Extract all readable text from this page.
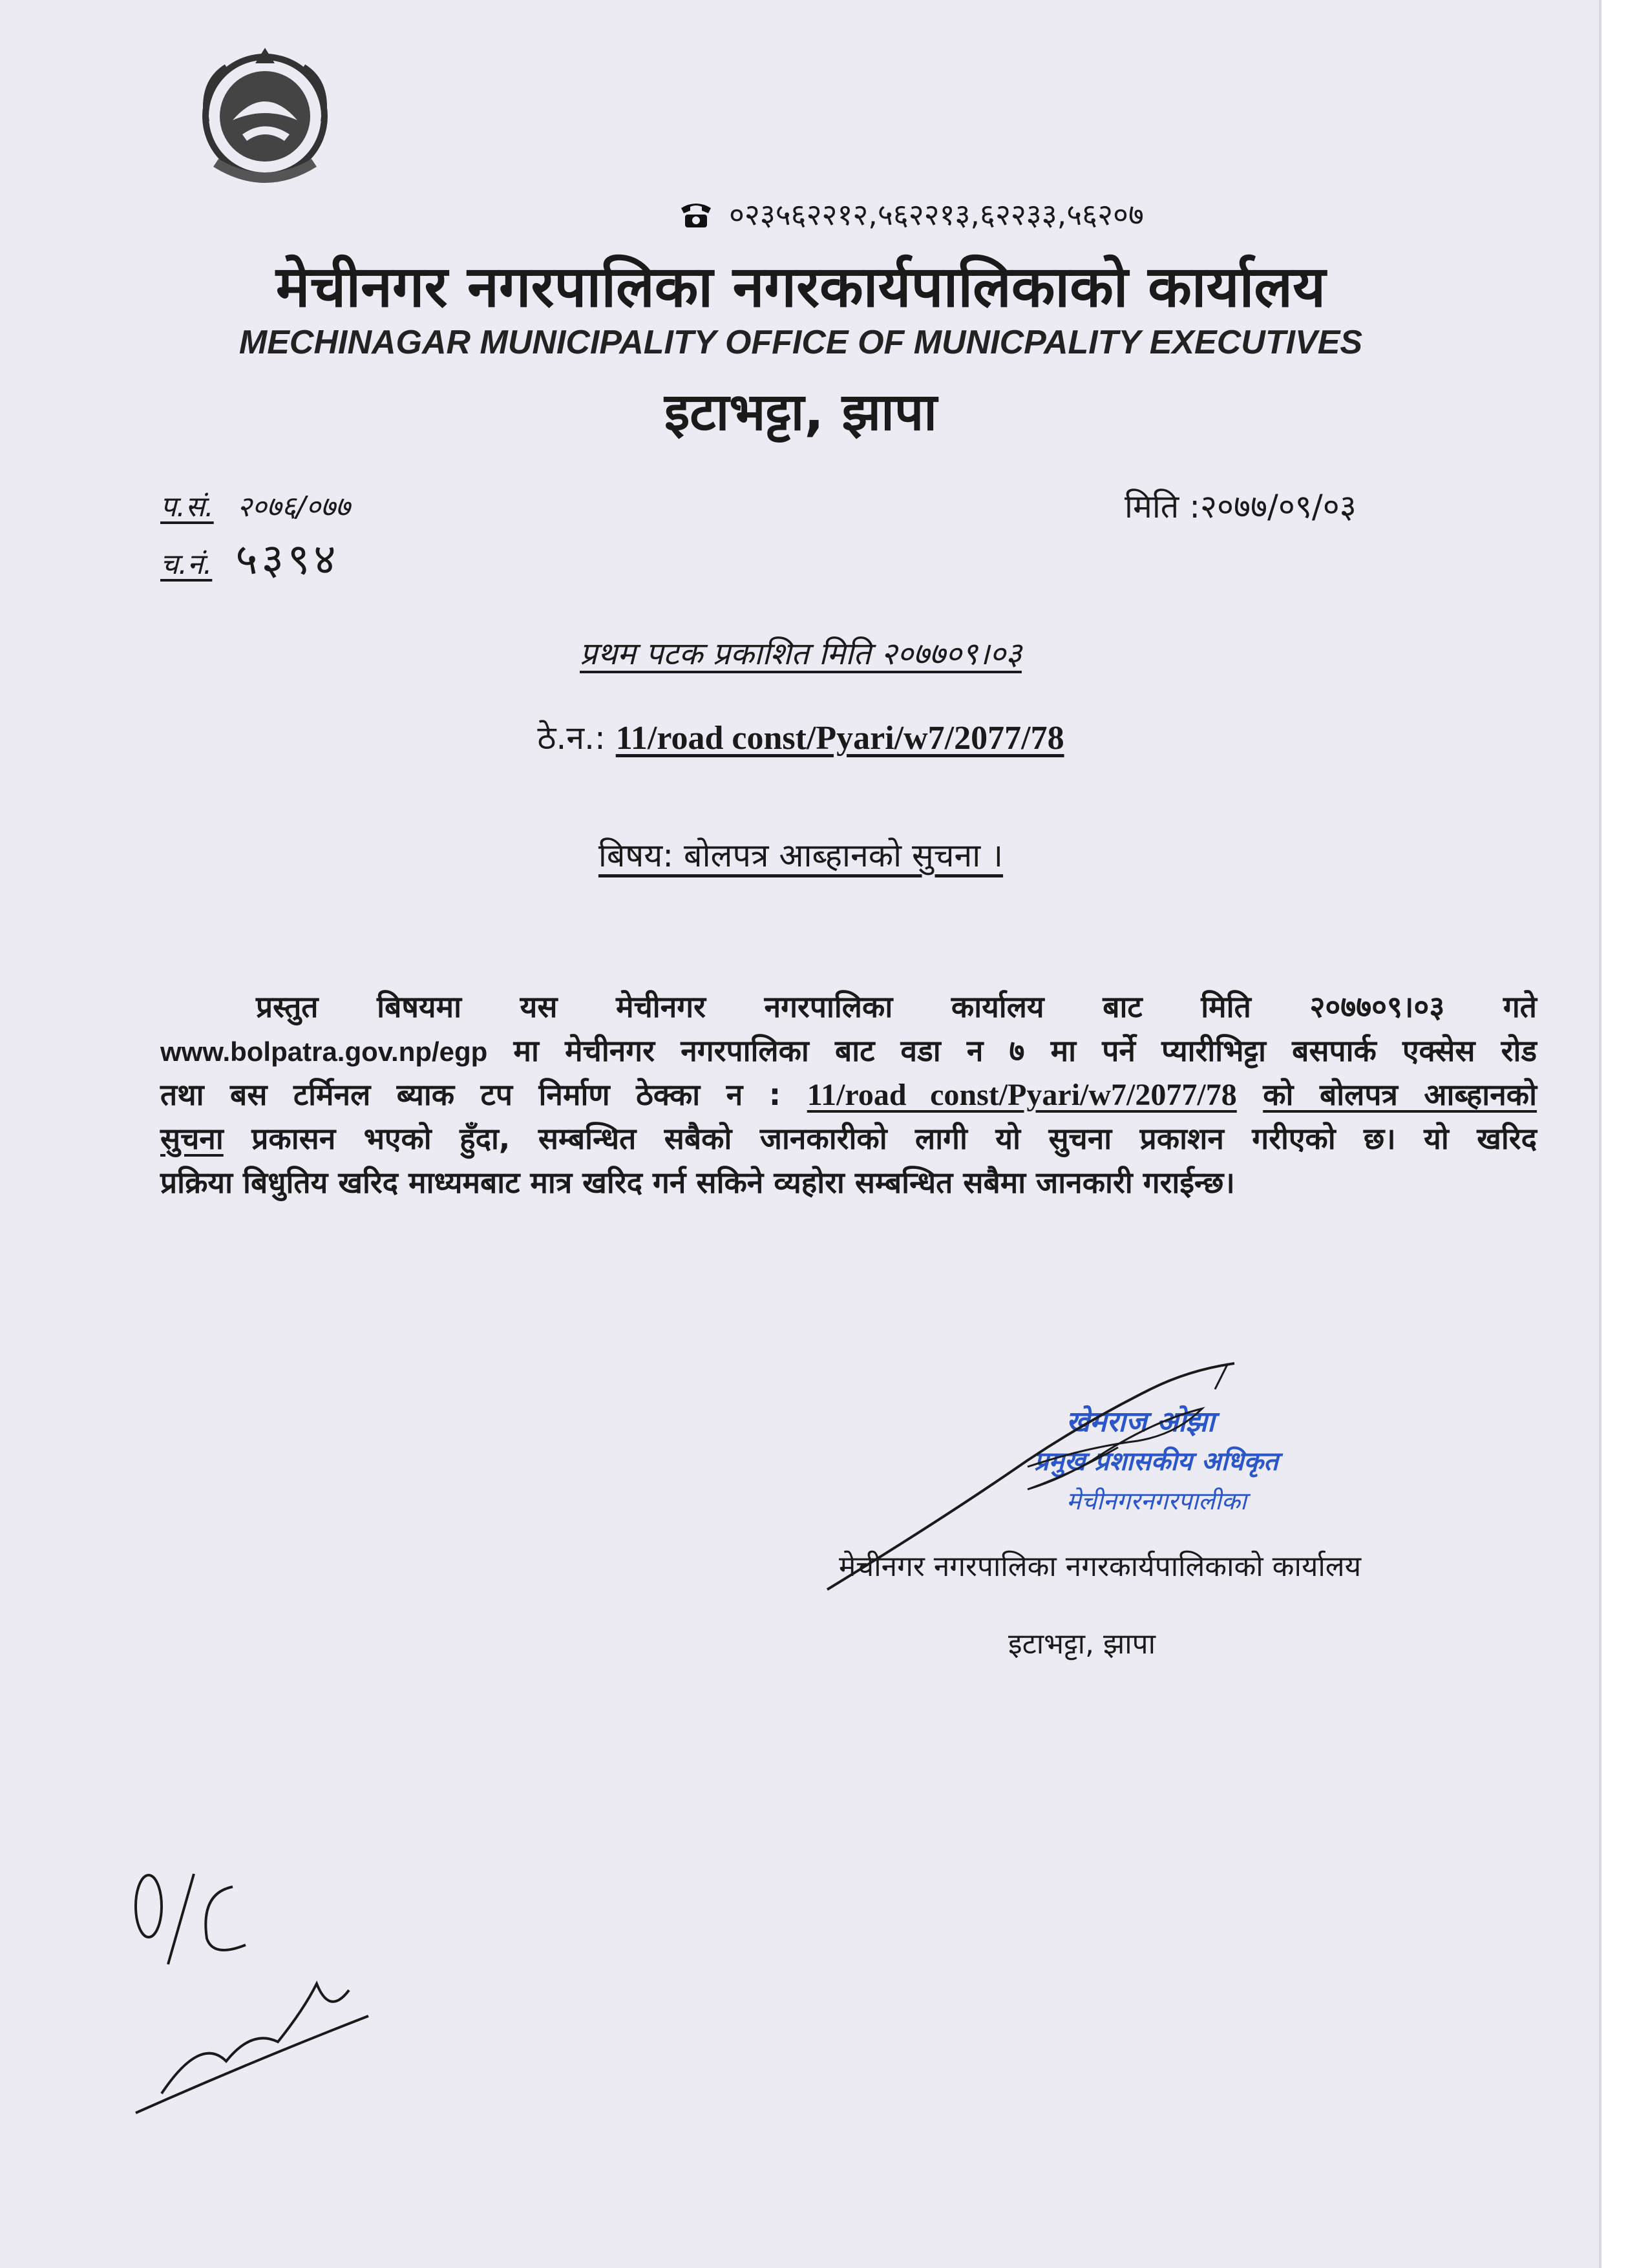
०२३५६२२१२,५६२२१३,६२२३३,५६२०७
मेचीनगर नगरपालिका नगरकार्यपालिकाको कार्यालय
MECHINAGAR MUNICIPALITY OFFICE OF MUNICPALITY EXECUTIVES
इटाभट्टा, झापा
प.सं. २०७६/०७७
च.नं. ५३९४
मिति :२०७७/०९/०३
प्रथम पटक प्रकाशित मिति २०७७०९।०३
ठे.न.: 11/road const/Pyari/w7/2077/78
बिषय: बोलपत्र आब्हानको सुचना ।
प्रस्तुत बिषयमा यस मेचीनगर नगरपालिका कार्यालय बाट मिति २०७७०९।०३ गते
www.bolpatra.gov.np/egp मा मेचीनगर नगरपालिका बाट वडा न ७ मा पर्ने प्यारीभिट्टा बसपार्क एक्सेस रोड
तथा बस टर्मिनल ब्याक टप निर्माण ठेक्का न : 11/road const/Pyari/w7/2077/78 को बोलपत्र आब्हानको
सुचना प्रकासन भएको हुँदा, सम्बन्धित सबैको जानकारीको लागी यो सुचना प्रकाशन गरीएको छ। यो खरिद
प्रक्रिया बिधुतिय खरिद माध्यमबाट मात्र खरिद गर्न सकिने व्यहोरा सम्बन्धित सबैमा जानकारी गराईन्छ।
खेमराज ओझा
प्रमुख प्रशासकीय अधिकृत
मेचीनगरनगरपालीका
मेचीनगर नगरपालिका नगरकार्यपालिकाको कार्यालय
इटाभट्टा, झापा
